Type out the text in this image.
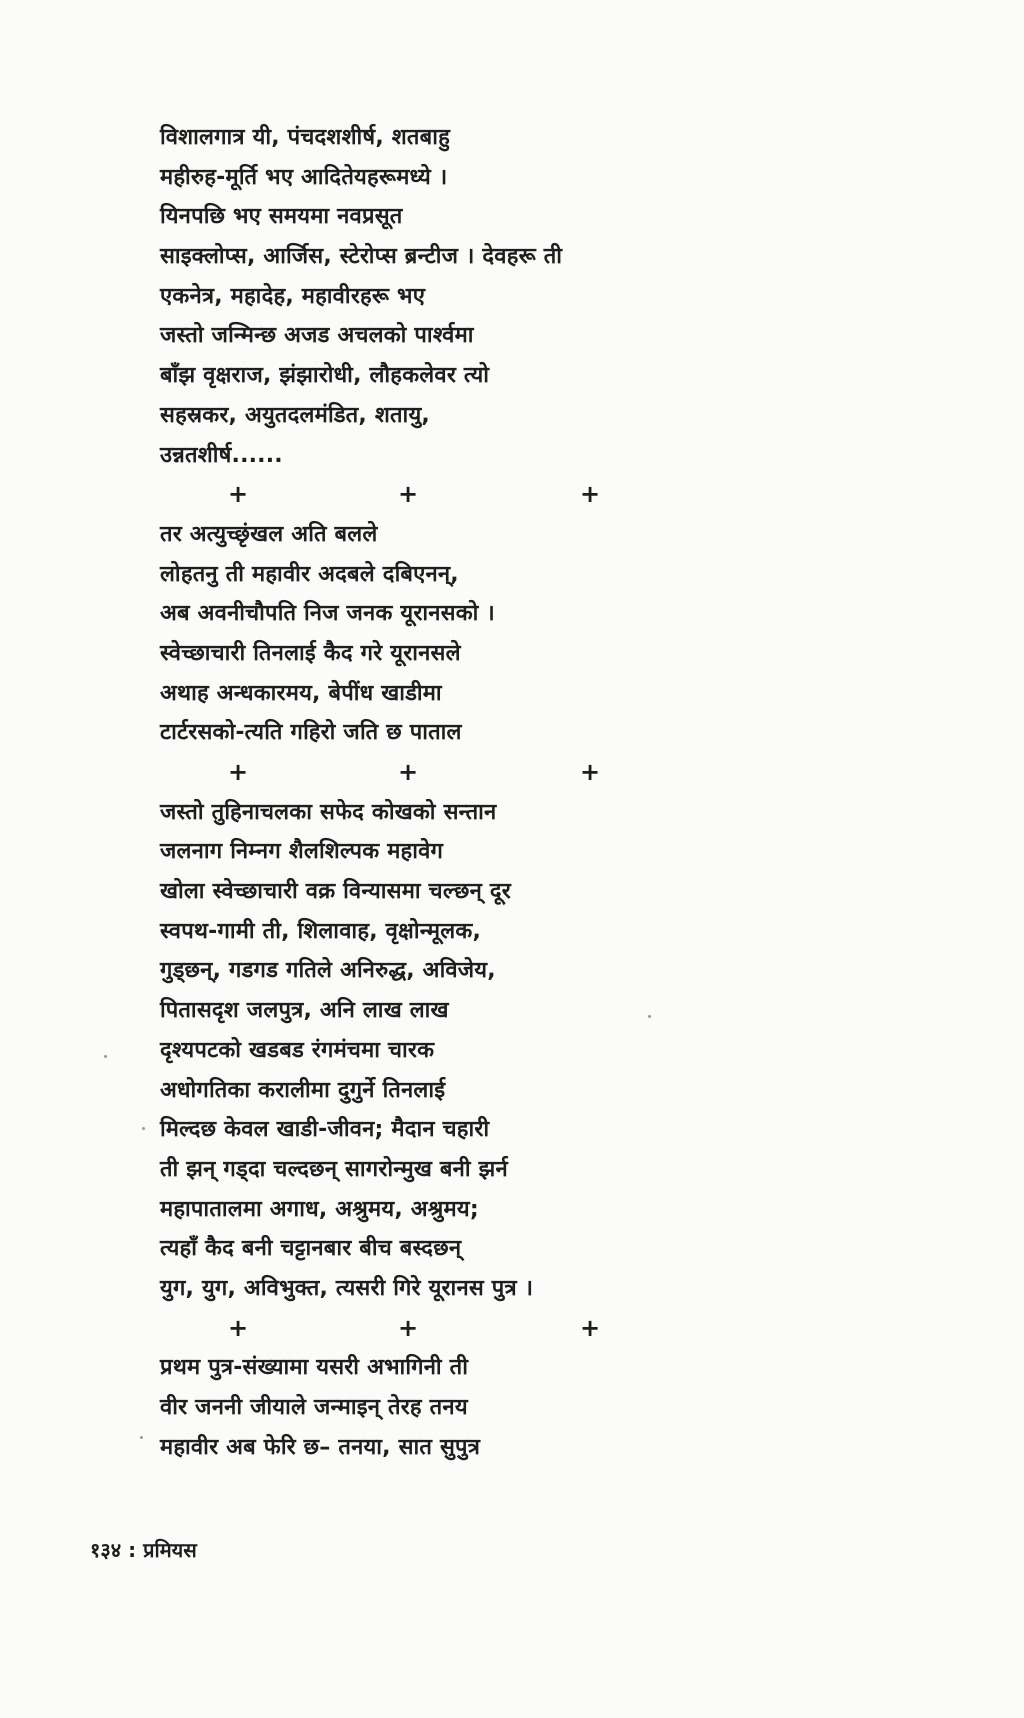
विशालगात्र यी, पंचदशशीर्ष, शतबाहु
महीरुह-मूर्ति भए आदितेयहरूमध्ये ।
यिनपछि भए समयमा नवप्रसूत
साइक्लोप्स, आर्जिस, स्टेरोप्स ब्रन्टीज । देवहरू ती
एकनेत्र, महादेह, महावीरहरू भए
जस्तो जन्मिन्छ अजड अचलको पार्श्वमा
बाँझ वृक्षराज, झंझारोधी, लौहकलेवर त्यो
सहस्रकर, अयुतदलमंडित, शतायु,
उन्नतशीर्ष......
+	+	+
तर अत्युच्छृंखल अति बलले
लोहतनु ती महावीर अदबले दबिएनन्,
अब अवनीचौपति निज जनक यूरानसको ।
स्वेच्छाचारी तिनलाई कैद गरे यूरानसले
अथाह अन्धकारमय, बेपींध खाडीमा
टार्टरसको-त्यति गहिरो जति छ पाताल
+	+	+
जस्तो तुहिनाचलका सफेद कोखको सन्तान
जलनाग निम्नग शैलशिल्पक महावेग
खोला स्वेच्छाचारी वक्र विन्यासमा चल्छन् दूर
स्वपथ-गामी ती, शिलावाह, वृक्षोन्मूलक,
गुड्छन्, गडगड गतिले अनिरुद्ध, अविजेय,
पितासदृश जलपुत्र, अनि लाख लाख
दृश्यपटको खडबड रंगमंचमा चारक
अधोगतिका करालीमा दुगुर्ने तिनलाई
मिल्दछ केवल खाडी-जीवन; मैदान चहारी
ती झन् गड्दा चल्दछन् सागरोन्मुख बनी झर्न
महापातालमा अगाध, अश्रुमय, अश्रुमय;
त्यहाँ कैद बनी चट्टानबार बीच बस्दछन्
युग, युग, अविभुक्त, त्यसरी गिरे यूरानस पुत्र ।
+	+	+
प्रथम पुत्र-संख्यामा यसरी अभागिनी ती
वीर जननी जीयाले जन्माइन् तेरह तनय
महावीर अब फेरि छ– तनया, सात सुपुत्र
१३४ : प्रमियस
